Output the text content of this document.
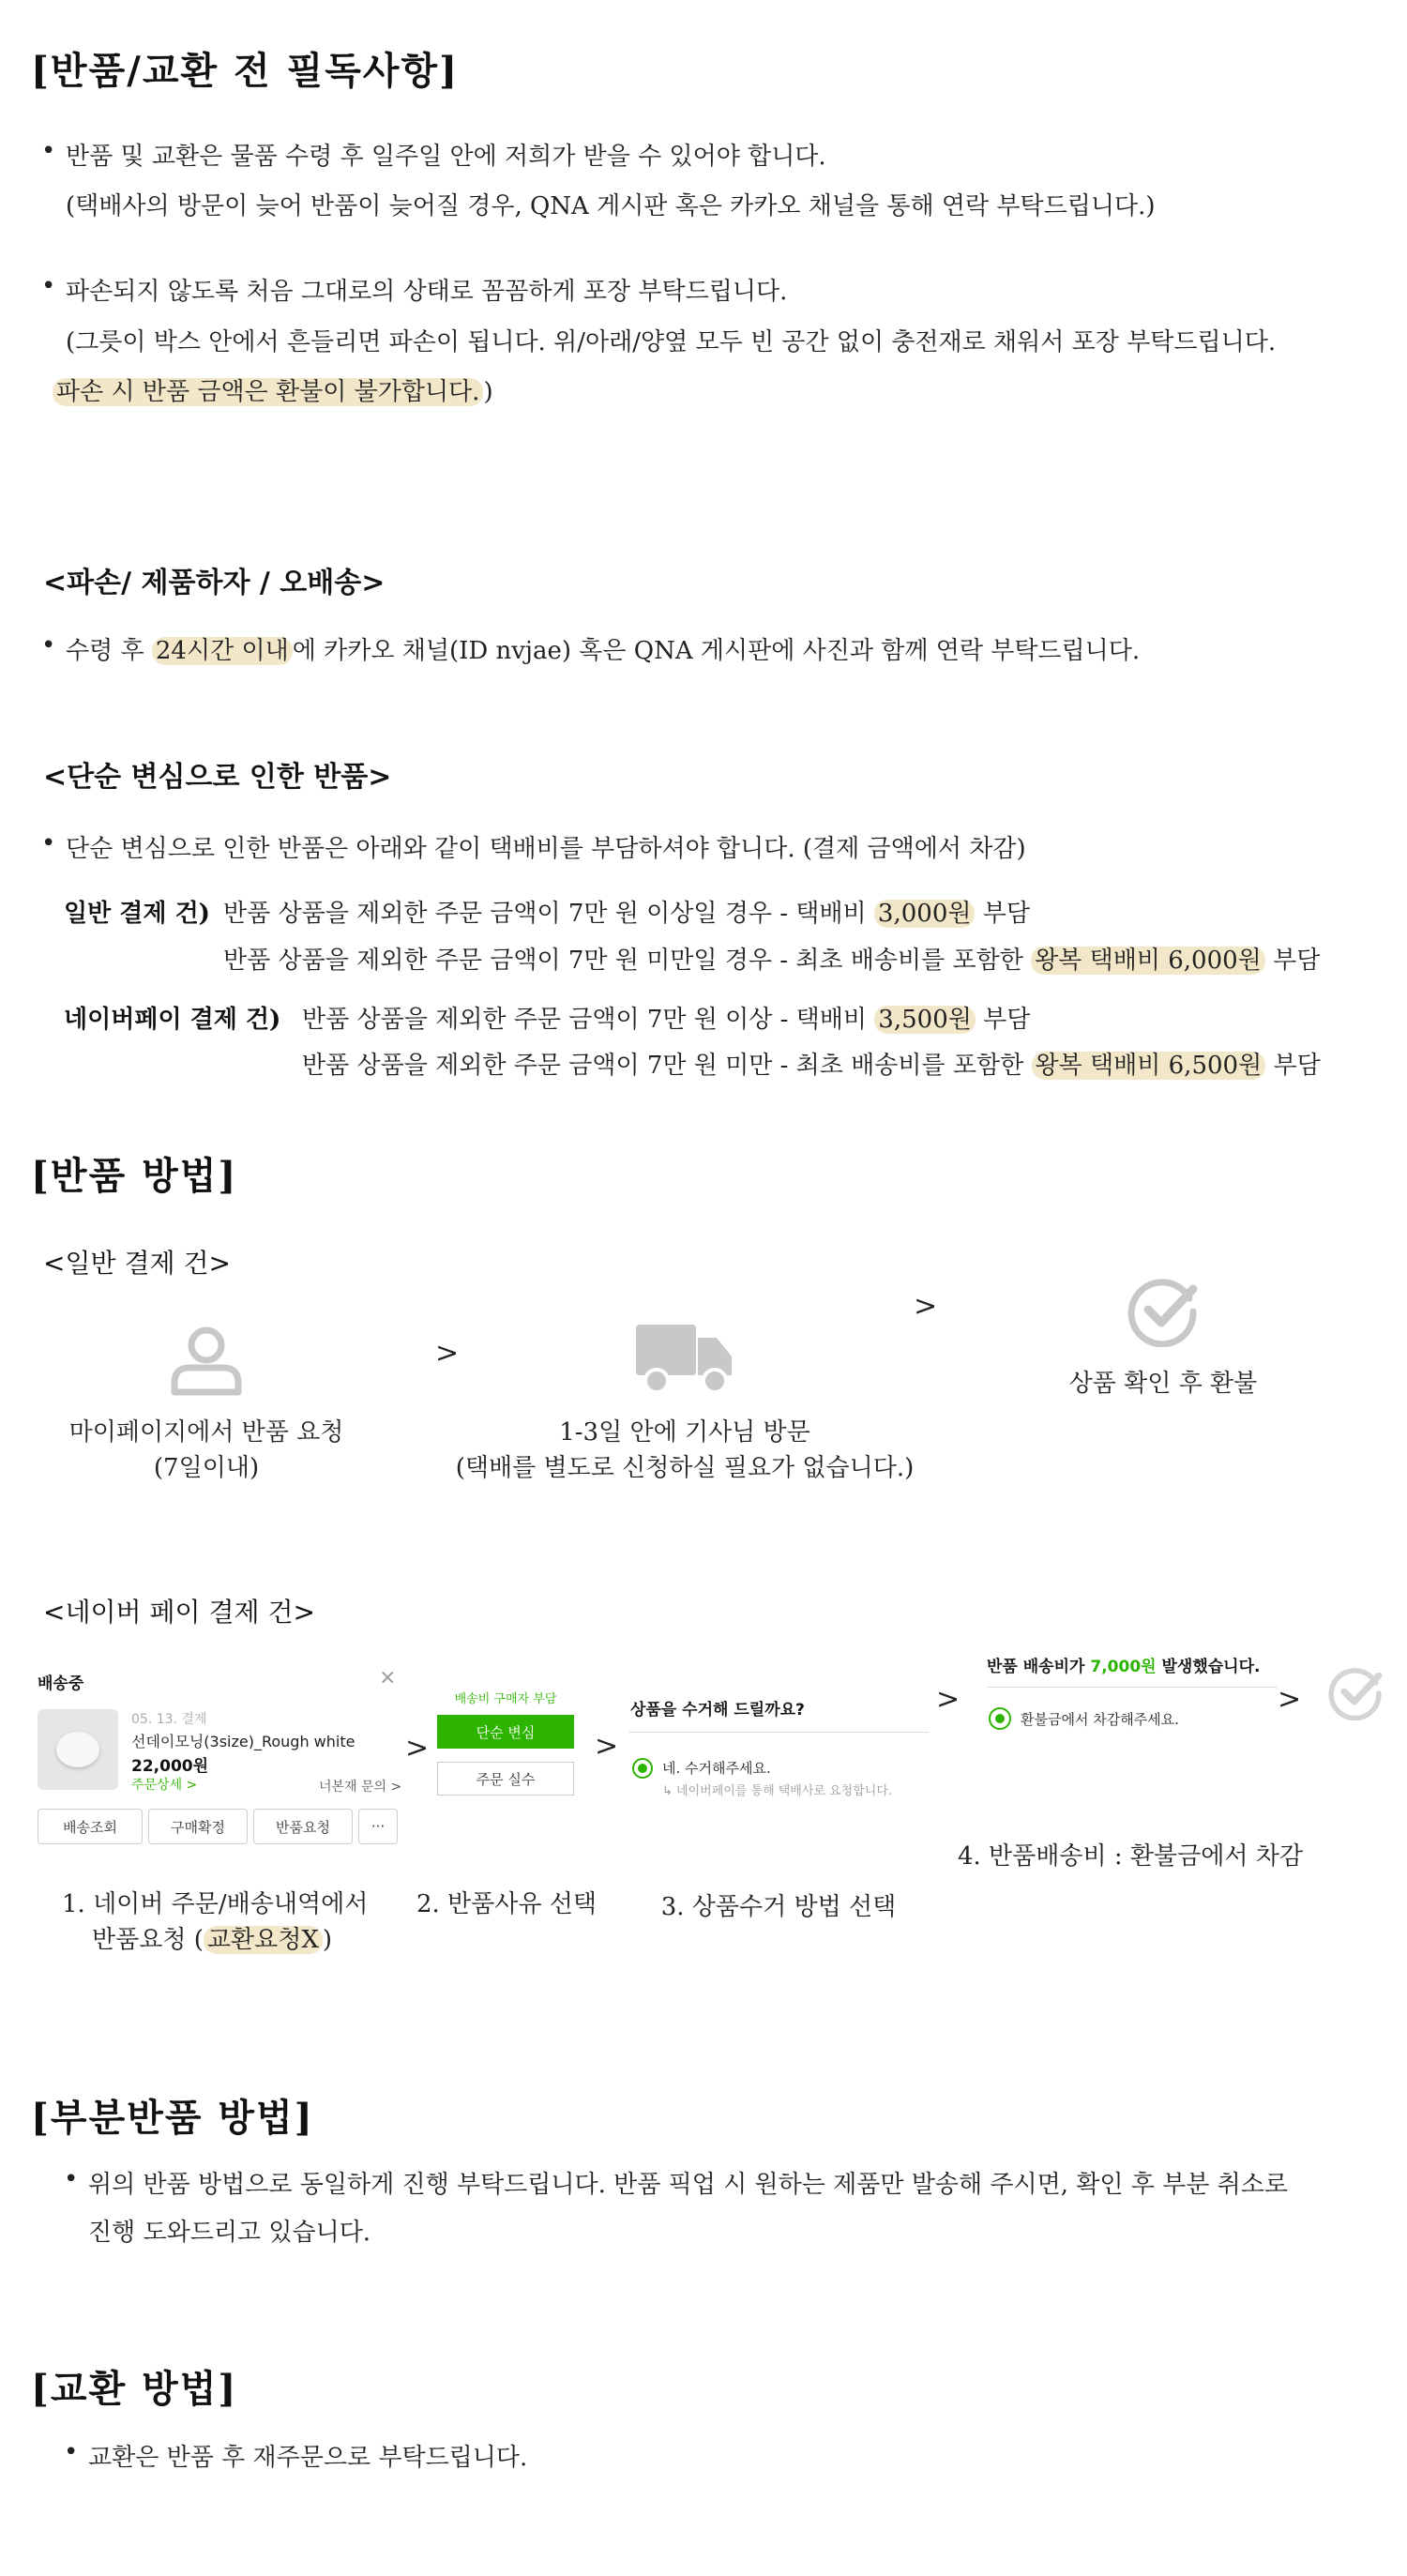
[반품/교환 전 필독사항]
• 반품 및 교환은 물품 수령 후 일주일 안에 저희가 받을 수 있어야 합니다.
(택배사의 방문이 늦어 반품이 늦어질 경우, QNA 게시판 혹은 카카오 채널을 통해 연락 부탁드립니다.)
• 파손되지 않도록 처음 그대로의 상태로 꼼꼼하게 포장 부탁드립니다.
(그릇이 박스 안에서 흔들리면 파손이 됩니다. 위/아래/양옆 모두 빈 공간 없이 충전재로 채워서 포장 부탁드립니다.
파손 시 반품 금액은 환불이 불가합니다. )
<파손/ 제품하자 / 오배송>
• 수령 후 24시간 이내 에 카카오 채널(ID nvjae) 혹은 QNA 게시판에 사진과 함께 연락 부탁드립니다.
<단순 변심으로 인한 반품>
• 단순 변심으로 인한 반품은 아래와 같이 택배비를 부담하셔야 합니다. (결제 금액에서 차감)
일반 결제 건) 반품 상품을 제외한 주문 금액이 7만 원 이상일 경우 - 택배비 3,000원 부담
반품 상품을 제외한 주문 금액이 7만 원 미만일 경우 - 최초 배송비를 포함한 왕복 택배비 6,000원 부담
네이버페이 결제 건) 반품 상품을 제외한 주문 금액이 7만 원 이상 - 택배비 3,500원 부담
반품 상품을 제외한 주문 금액이 7만 원 미만 - 최초 배송비를 포함한 왕복 택배비 6,500원 부담
[반품 방법]
<일반 결제 건>
>
>
마이페이지에서 반품 요청
(7일이내)
1-3일 안에 기사님 방문
(택배를 별도로 신청하실 필요가 없습니다.)
상품 확인 후 환불
<네이버 페이 결제 건>
배송중	×
05. 13. 결제
선데이모닝(3size)_Rough white
22,000원
주문상세 >	너본재 문의 >
배송조회	구매확정	반품요청	···
>
배송비 구매자 부담
단순 변심
주문 실수
>
상품을 수거해 드릴까요?
네. 수거해주세요.
↳ 네이버페이를 통해 택배사로 요청합니다.
>
반품 배송비가 7,000원 발생했습니다.
환불금에서 차감해주세요.
>
1. 네이버 주문/배송내역에서
반품요청 ( 교환요청X )
2. 반품사유 선택	3. 상품수거 방법 선택
4. 반품배송비 : 환불금에서 차감
[부분반품 방법]
• 위의 반품 방법으로 동일하게 진행 부탁드립니다. 반품 픽업 시 원하는 제품만 발송해 주시면, 확인 후 부분 취소로
진행 도와드리고 있습니다.
[교환 방법]
• 교환은 반품 후 재주문으로 부탁드립니다.
